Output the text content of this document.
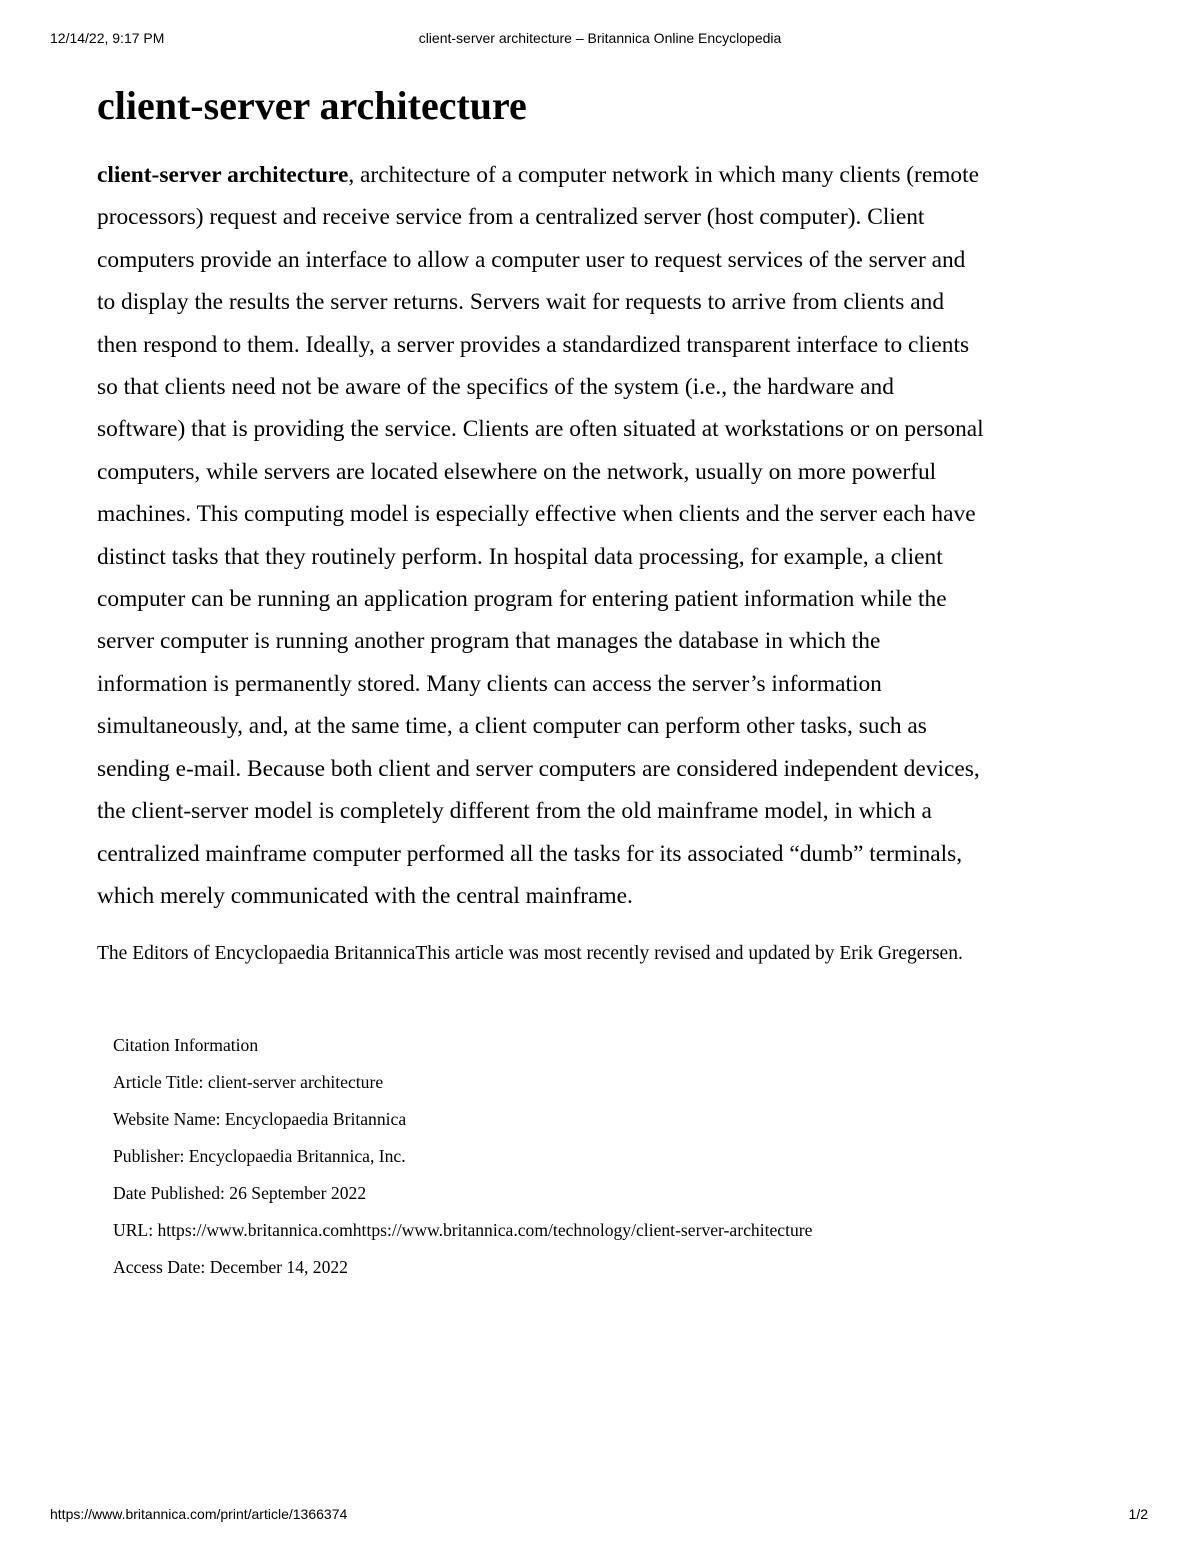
12/14/22, 9:17 PM	client-server architecture – Britannica Online Encyclopedia
client-server architecture
client-server architecture, architecture of a computer network in which many clients (remote
processors) request and receive service from a centralized server (host computer). Client
computers provide an interface to allow a computer user to request services of the server and
to display the results the server returns. Servers wait for requests to arrive from clients and
then respond to them. Ideally, a server provides a standardized transparent interface to clients
so that clients need not be aware of the specifics of the system (i.e., the hardware and
software) that is providing the service. Clients are often situated at workstations or on personal
computers, while servers are located elsewhere on the network, usually on more powerful
machines. This computing model is especially effective when clients and the server each have
distinct tasks that they routinely perform. In hospital data processing, for example, a client
computer can be running an application program for entering patient information while the
server computer is running another program that manages the database in which the
information is permanently stored. Many clients can access the server’s information
simultaneously, and, at the same time, a client computer can perform other tasks, such as
sending e-mail. Because both client and server computers are considered independent devices,
the client-server model is completely different from the old mainframe model, in which a
centralized mainframe computer performed all the tasks for its associated “dumb” terminals,
which merely communicated with the central mainframe.
The Editors of Encyclopaedia BritannicaThis article was most recently revised and updated by Erik Gregersen.
Citation Information
Article Title: client-server architecture
Website Name: Encyclopaedia Britannica
Publisher: Encyclopaedia Britannica, Inc.
Date Published: 26 September 2022
URL: https://www.britannica.comhttps://www.britannica.com/technology/client-server-architecture
Access Date: December 14, 2022
https://www.britannica.com/print/article/1366374	1/2
